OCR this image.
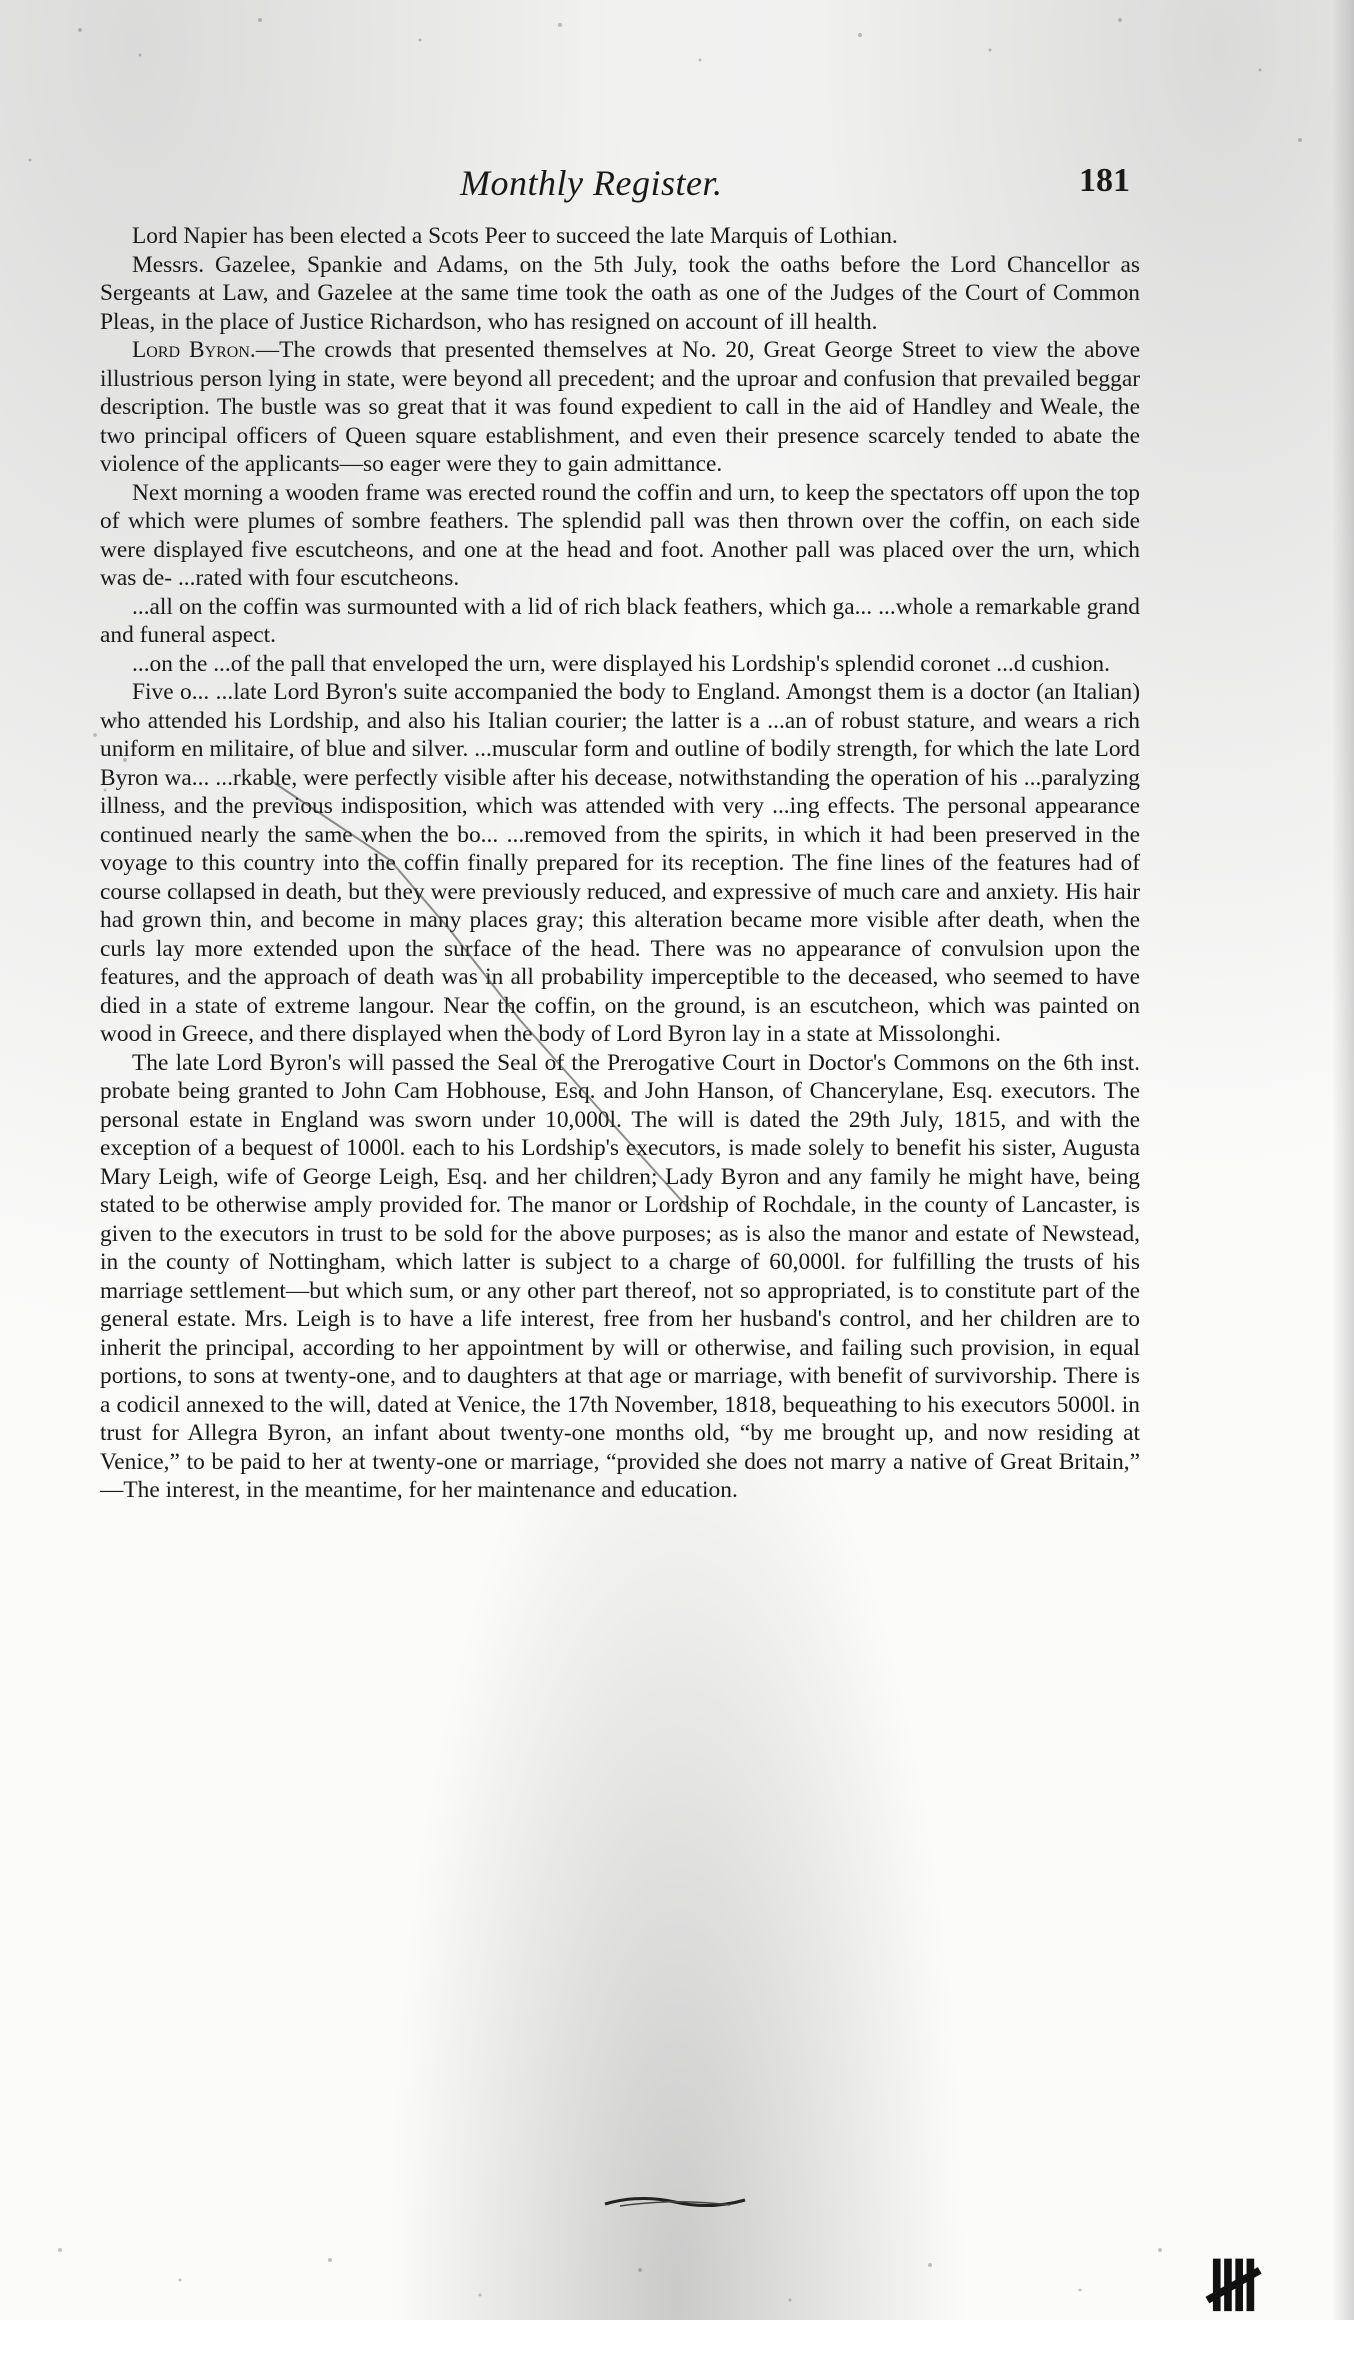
Monthly Register.	181

Lord Napier has been elected a Scots Peer to succeed the late Marquis of Lothian.

Messrs. Gazelee, Spankie and Adams, on the 5th July, took the oaths before the Lord Chancellor as Sergeants at Law, and Gazelee at the same time took the oath as one of the Judges of the Court of Common Pleas, in the place of Justice Richardson, who has resigned on account of ill health.

Lord Byron.—The crowds that presented themselves at No. 20, Great George Street to view the above illustrious person lying in state, were beyond all precedent; and the uproar and confusion that prevailed beggar description. The bustle was so great that it was found expedient to call in the aid of Handley and Weale, the two principal officers of Queen square establishment, and even their presence scarcely tended to abate the violence of the applicants—so eager were they to gain admittance.

Next morning a wooden frame was erected round the coffin and urn, to keep the spectators off upon the top of which were plumes of sombre feathers. The splendid pall was then thrown over the coffin, on each side were displayed five escutcheons, and one at the head and foot. Another pall was placed over the urn, which was de- ...rated with four escutcheons.

...all on the coffin was surmounted with a lid of rich black feathers, which ga... ...whole a remarkable grand and funeral aspect.

...on the ...of the pall that enveloped the urn, were displayed his Lordship's splendid coronet ...d cushion.

Five o... ...late Lord Byron's suite accompanied the body to England. Amongst them is a doctor (an Italian) who attended his Lordship, and also his Italian courier; the latter is a ...an of robust stature, and wears a rich uniform en militaire, of blue and silver. ...muscular form and outline of bodily strength, for which the late Lord Byron wa... ...rkable, were perfectly visible after his decease, notwithstanding the operation of his ...paralyzing illness, and the previous indisposition, which was attended with very ...ing effects. The personal appearance continued nearly the same when the bo... ...removed from the spirits, in which it had been preserved in the voyage to this country into the coffin finally prepared for its reception. The fine lines of the features had of course collapsed in death, but they were previously reduced, and expressive of much care and anxiety. His hair had grown thin, and become in many places gray; this alteration became more visible after death, when the curls lay more extended upon the surface of the head. There was no appearance of convulsion upon the features, and the approach of death was in all probability imperceptible to the deceased, who seemed to have died in a state of extreme langour. Near the coffin, on the ground, is an escutcheon, which was painted on wood in Greece, and there displayed when the body of Lord Byron lay in a state at Missolonghi.

The late Lord Byron's will passed the Seal of the Prerogative Court in Doctor's Commons on the 6th inst. probate being granted to John Cam Hobhouse, Esq. and John Hanson, of Chancerylane, Esq. executors. The personal estate in England was sworn under 10,000l. The will is dated the 29th July, 1815, and with the exception of a bequest of 1000l. each to his Lordship's executors, is made solely to benefit his sister, Augusta Mary Leigh, wife of George Leigh, Esq. and her children; Lady Byron and any family he might have, being stated to be otherwise amply provided for. The manor or Lordship of Rochdale, in the county of Lancaster, is given to the executors in trust to be sold for the above purposes; as is also the manor and estate of Newstead, in the county of Nottingham, which latter is subject to a charge of 60,000l. for fulfilling the trusts of his marriage settlement—but which sum, or any other part thereof, not so appropriated, is to constitute part of the general estate. Mrs. Leigh is to have a life interest, free from her husband's control, and her children are to inherit the principal, according to her appointment by will or otherwise, and failing such provision, in equal portions, to sons at twenty-one, and to daughters at that age or marriage, with benefit of survivorship. There is a codicil annexed to the will, dated at Venice, the 17th November, 1818, bequeathing to his executors 5000l. in trust for Allegra Byron, an infant about twenty-one months old, “by me brought up, and now residing at Venice,” to be paid to her at twenty-one or marriage, “provided she does not marry a native of Great Britain,” —The interest, in the meantime, for her maintenance and education.

𝍸
